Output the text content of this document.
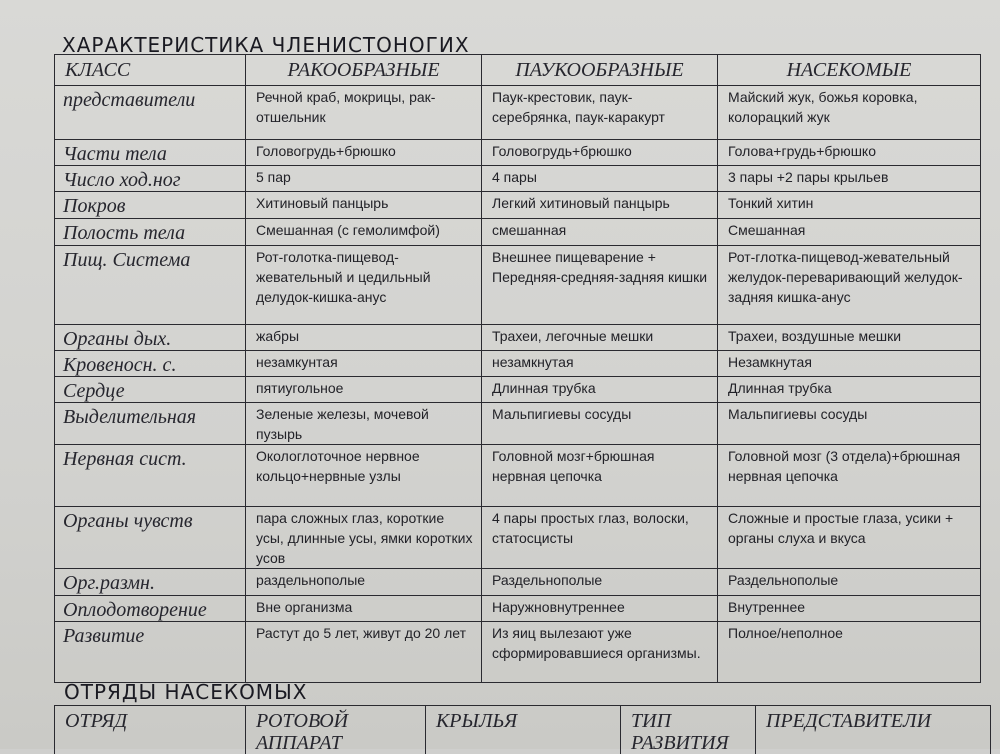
ХАРАКТЕРИСТИКА ЧЛЕНИСТОНОГИХ
КЛАСС	РАКООБРАЗНЫЕ	ПАУКООБРАЗНЫЕ	НАСЕКОМЫЕ
представители	Речной краб, мокрицы, рак-отшельник	Паук-крестовик, паук-серебрянка, паук-каракурт	Майский жук, божья коровка, колорацкий жук
Части тела	Головогрудь+брюшко	Головогрудь+брюшко	Голова+грудь+брюшко
Число ход.ног	5 пар	4 пары	3 пары +2 пары крыльев
Покров	Хитиновый панцырь	Легкий хитиновый панцырь	Тонкий хитин
Полость тела	Смешанная (с гемолимфой)	смешанная	Смешанная
Пищ. Система	Рот-голотка-пищевод-жевательный и цедильный делудок-кишка-анус	Внешнее пищеварение + Передняя-средняя-задняя кишки	Рот-глотка-пищевод-жевательный желудок-переваривающий желудок-задняя кишка-анус
Органы дых.	жабры	Трахеи, легочные мешки	Трахеи, воздушные мешки
Кровеносн. с.	незамкунтая	незамкнутая	Незамкнутая
Сердце	пятиугольное	Длинная трубка	Длинная трубка
Выделительная	Зеленые железы, мочевой пузырь	Мальпигиевы сосуды	Мальпигиевы сосуды
Нервная сист.	Окологлоточное нервное кольцо+нервные узлы	Головной мозг+брюшная нервная цепочка	Головной мозг (3 отдела)+брюшная нервная цепочка
Органы чувств	пара сложных глаз, короткие усы, длинные усы, ямки коротких усов	4 пары простых глаз, волоски, статосцисты	Сложные и простые глаза, усики + органы слуха и вкуса
Орг.размн.	раздельнополые	Раздельнополые	Раздельнополые
Оплодотворение	Вне организма	Наружновнутреннее	Внутреннее
Развитие	Растут до 5 лет, живут до 20 лет	Из яиц вылезают уже сформировавшиеся организмы.	Полное/неполное
ОТРЯДЫ НАСЕКОМЫХ
ОТРЯД	РОТОВОЙ АППАРАТ	КРЫЛЬЯ	ТИП РАЗВИТИЯ	ПРЕДСТАВИТЕЛИ
